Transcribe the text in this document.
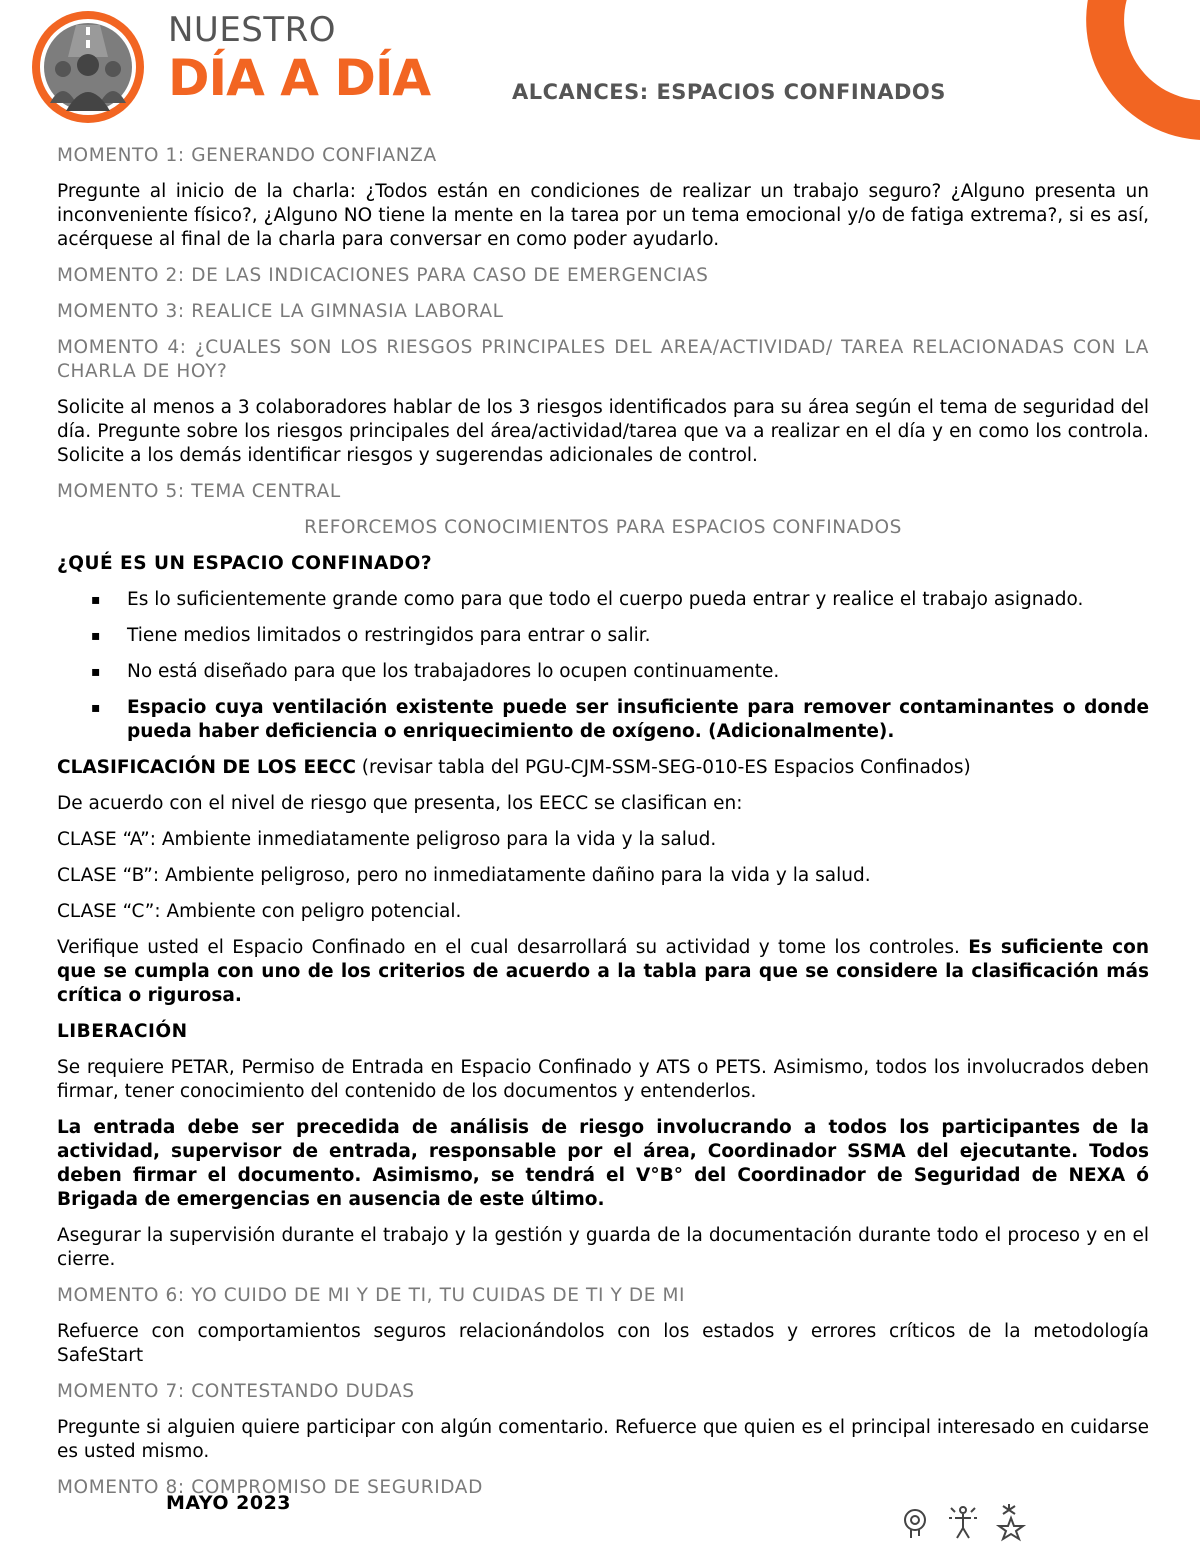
NUESTRO
DÍA A DÍA	ALCANCES: ESPACIOS CONFINADOS
MOMENTO 1: GENERANDO CONFIANZA
Pregunte al inicio de la charla: ¿Todos están en condiciones de realizar un trabajo seguro? ¿Alguno presenta un inconveniente físico?, ¿Alguno NO tiene la mente en la tarea por un tema emocional y/o de fatiga extrema?, si es así, acérquese al final de la charla para conversar en como poder ayudarlo.
MOMENTO 2: DE LAS INDICACIONES PARA CASO DE EMERGENCIAS
MOMENTO 3: REALICE LA GIMNASIA LABORAL
MOMENTO 4: ¿CUALES SON LOS RIESGOS PRINCIPALES DEL AREA/ACTIVIDAD/ TAREA RELACIONADAS CON LA CHARLA DE HOY?
Solicite al menos a 3 colaboradores hablar de los 3 riesgos identificados para su área según el tema de seguridad del día. Pregunte sobre los riesgos principales del área/actividad/tarea que va a realizar en el día y en como los controla. Solicite a los demás identificar riesgos y sugerendas adicionales de control.
MOMENTO 5: TEMA CENTRAL
REFORCEMOS CONOCIMIENTOS PARA ESPACIOS CONFINADOS
¿QUÉ ES UN ESPACIO CONFINADO?
▪ Es lo suficientemente grande como para que todo el cuerpo pueda entrar y realice el trabajo asignado.
▪ Tiene medios limitados o restringidos para entrar o salir.
▪ No está diseñado para que los trabajadores lo ocupen continuamente.
▪ Espacio cuya ventilación existente puede ser insuficiente para remover contaminantes o donde pueda haber deficiencia o enriquecimiento de oxígeno. (Adicionalmente).
CLASIFICACIÓN DE LOS EECC (revisar tabla del PGU-CJM-SSM-SEG-010-ES Espacios Confinados)
De acuerdo con el nivel de riesgo que presenta, los EECC se clasifican en:
CLASE “A”: Ambiente inmediatamente peligroso para la vida y la salud.
CLASE “B”: Ambiente peligroso, pero no inmediatamente dañino para la vida y la salud.
CLASE “C”: Ambiente con peligro potencial.
Verifique usted el Espacio Confinado en el cual desarrollará su actividad y tome los controles. Es suficiente con que se cumpla con uno de los criterios de acuerdo a la tabla para que se considere la clasificación más crítica o rigurosa.
LIBERACIÓN
Se requiere PETAR, Permiso de Entrada en Espacio Confinado y ATS o PETS. Asimismo, todos los involucrados deben firmar, tener conocimiento del contenido de los documentos y entenderlos.
La entrada debe ser precedida de análisis de riesgo involucrando a todos los participantes de la actividad, supervisor de entrada, responsable por el área, Coordinador SSMA del ejecutante. Todos deben firmar el documento. Asimismo, se tendrá el V°B° del Coordinador de Seguridad de NEXA ó Brigada de emergencias en ausencia de este último.
Asegurar la supervisión durante el trabajo y la gestión y guarda de la documentación durante todo el proceso y en el cierre.
MOMENTO 6: YO CUIDO DE MI Y DE TI, TU CUIDAS DE TI Y DE MI
Refuerce con comportamientos seguros relacionándolos con los estados y errores críticos de la metodología SafeStart
MOMENTO 7: CONTESTANDO DUDAS
Pregunte si alguien quiere participar con algún comentario. Refuerce que quien es el principal interesado en cuidarse es usted mismo.
MOMENTO 8: COMPROMISO DE SEGURIDAD
MAYO 2023
